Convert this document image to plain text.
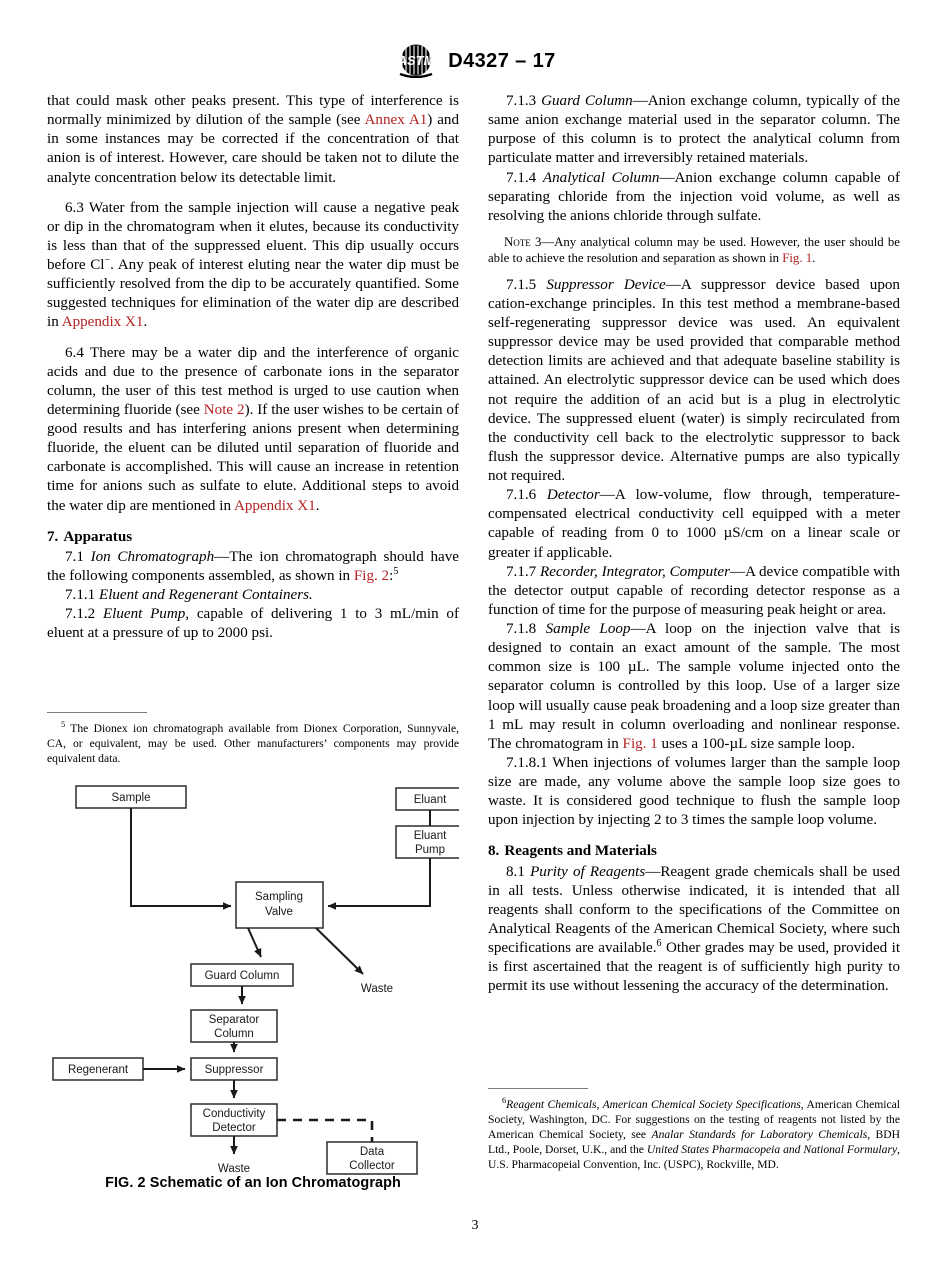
ASTM D4327 – 17

that could mask other peaks present. This type of interference is normally minimized by dilution of the sample (see Annex A1) and in some instances may be corrected if the concentration of that anion is of interest. However, care should be taken not to dilute the analyte concentration below its detectable limit.

6.3 Water from the sample injection will cause a negative peak or dip in the chromatogram when it elutes, because its conductivity is less than that of the suppressed eluent. This dip usually occurs before Cl−. Any peak of interest eluting near the water dip must be sufficiently resolved from the dip to be accurately quantified. Some suggested techniques for elimination of the water dip are described in Appendix X1.

6.4 There may be a water dip and the interference of organic acids and due to the presence of carbonate ions in the separator column, the user of this test method is urged to use caution when determining fluoride (see Note 2). If the user wishes to be certain of good results and has interfering anions present when determining fluoride, the eluent can be diluted until separation of fluoride and carbonate is accomplished. This will cause an increase in retention time for anions such as sulfate to elute. Additional steps to avoid the water dip are mentioned in Appendix X1.

7. Apparatus

7.1 Ion Chromatograph—The ion chromatograph should have the following components assembled, as shown in Fig. 2:$^5$

7.1.1 Eluent and Regenerant Containers.

7.1.2 Eluent Pump, capable of delivering 1 to 3 mL/min of eluent at a pressure of up to 2000 psi.

$^5$ The Dionex ion chromatograph available from Dionex Corporation, Sunnyvale, CA, or equivalent, may be used. Other manufacturers’ components may provide equivalent data.

7.1.3 Guard Column—Anion exchange column, typically of the same anion exchange material used in the separator column. The purpose of this column is to protect the analytical column from particulate matter and irreversibly retained materials.

7.1.4 Analytical Column—Anion exchange column capable of separating chloride from the injection void volume, as well as resolving the anions chloride through sulfate.

Note 3—Any analytical column may be used. However, the user should be able to achieve the resolution and separation as shown in Fig. 1.

7.1.5 Suppressor Device—A suppressor device based upon cation-exchange principles. In this test method a membrane-based self-regenerating suppressor device was used. An equivalent suppressor device may be used provided that comparable method detection limits are achieved and that adequate baseline stability is attained. An electrolytic suppressor device can be used which does not require the addition of an acid but is a plug in electrolytic device. The suppressed eluent (water) is simply recirculated from the conductivity cell back to the electrolytic suppressor to back flush the suppressor device. Alternative pumps are also typically not required.

7.1.6 Detector—A low-volume, flow through, temperature-compensated electrical conductivity cell equipped with a meter capable of reading from 0 to 1000 µS/cm on a linear scale or greater if applicable.

7.1.7 Recorder, Integrator, Computer—A device compatible with the detector output capable of recording detector response as a function of time for the purpose of measuring peak height or area.

7.1.8 Sample Loop—A loop on the injection valve that is designed to contain an exact amount of the sample. The most common size is 100 µL. The sample volume injected onto the separator column is controlled by this loop. Use of a larger size loop will usually cause peak broadening and a loop size greater than 1 mL may result in column overloading and nonlinear response. The chromatogram in Fig. 1 uses a 100-µL size sample loop.

7.1.8.1 When injections of volumes larger than the sample loop size are made, any volume above the sample loop size goes to waste. It is considered good technique to flush the sample loop upon injection by injecting 2 to 3 times the sample loop volume.

8. Reagents and Materials

8.1 Purity of Reagents—Reagent grade chemicals shall be used in all tests. Unless otherwise indicated, it is intended that all reagents shall conform to the specifications of the Committee on Analytical Reagents of the American Chemical Society, where such specifications are available.$^6$ Other grades may be used, provided it is first ascertained that the reagent is of sufficiently high purity to permit its use without lessening the accuracy of the determination.

$^6$Reagent Chemicals, American Chemical Society Specifications, American Chemical Society, Washington, DC. For suggestions on the testing of reagents not listed by the American Chemical Society, see Analar Standards for Laboratory Chemicals, BDH Ltd., Poole, Dorset, U.K., and the United States Pharmacopeia and National Formulary, U.S. Pharmacopeial Convention, Inc. (USPC), Rockville, MD.

Sample	Eluant
Eluant
Pump
Sampling
Valve
Waste
Guard Column
Separator
Column
Regenerant	Suppressor
Conductivity
Detector
Waste
Data
Collector
FIG. 2 Schematic of an Ion Chromatograph
3
